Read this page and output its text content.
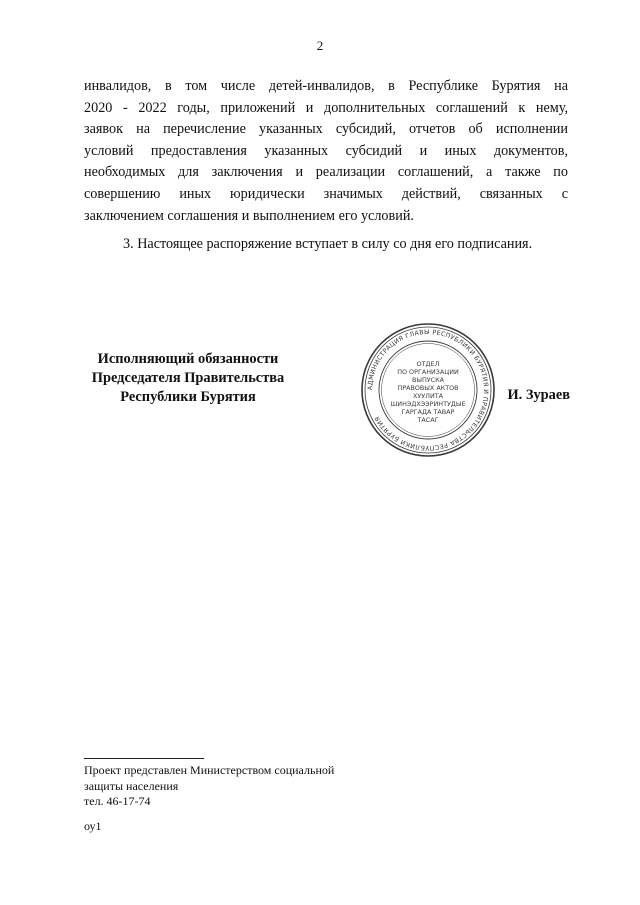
2
инвалидов, в том числе детей-инвалидов, в Республике Бурятия на
2020 - 2022 годы, приложений и дополнительных соглашений к нему,
заявок на перечисление указанных субсидий, отчетов об исполнении
условий предоставления указанных субсидий и иных документов,
необходимых для заключения и реализации соглашений, а также по
совершению иных юридически значимых действий, связанных с
заключением соглашения и выполнением его условий.
3. Настоящее распоряжение вступает в силу со дня его подписания.
Исполняющий обязанности
Председателя Правительства
Республики Бурятия
АДМИНИСТРАЦИЯ ГЛАВЫ РЕСПУБЛИКИ БУРЯТИЯ И ПРАВИТЕЛЬСТВА РЕСПУБЛИКИ БУРЯТИЯ
ОТДЕЛ
ПО ОРГАНИЗАЦИИ
ВЫПУСКА
ПРАВОВЫХ АКТОВ
ХУУЛИТА
ШИНЭДХЭЭРИНТУДЫЕ
ГАРГАДА ТАВАР
ТАСАГ
И. Зураев
Проект представлен Министерством социальной
защиты населения
тел. 46-17-74
оу1
